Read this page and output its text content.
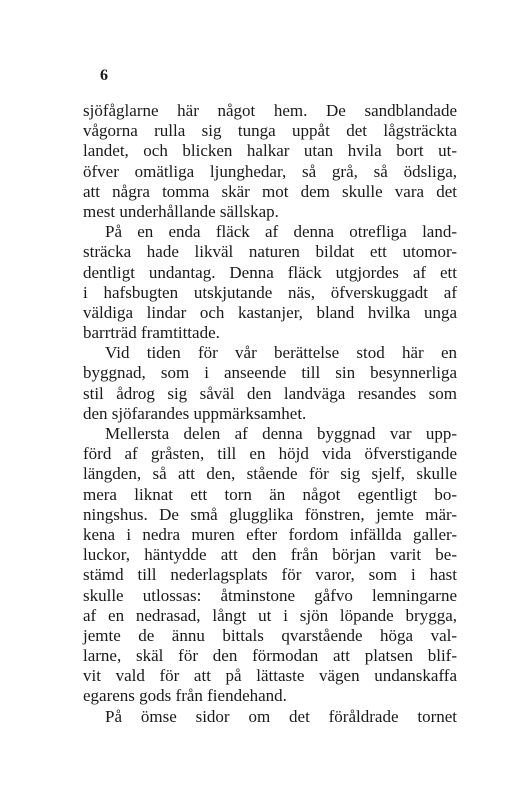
6
sjöfåglarne här något hem. De sandblandade
vågorna rulla sig tunga uppåt det lågsträckta
landet, och blicken halkar utan hvila bort ut-
öfver omätliga ljunghedar, så grå, så ödsliga,
att några tomma skär mot dem skulle vara det
mest underhållande sällskap.
På en enda fläck af denna otrefliga land-
sträcka hade likväl naturen bildat ett utomor-
dentligt undantag. Denna fläck utgjordes af ett
i hafsbugten utskjutande näs, öfverskuggadt af
väldiga lindar och kastanjer, bland hvilka unga
barrträd framtittade.
Vid tiden för vår berättelse stod här en
byggnad, som i anseende till sin besynnerliga
stil ådrog sig såväl den landväga resandes som
den sjöfarandes uppmärksamhet.
Mellersta delen af denna byggnad var upp-
förd af gråsten, till en höjd vida öfverstigande
längden, så att den, stående för sig sjelf, skulle
mera liknat ett torn än något egentligt bo-
ningshus. De små glugglika fönstren, jemte mär-
kena i nedra muren efter fordom infällda galler-
luckor, häntydde att den från början varit be-
stämd till nederlagsplats för varor, som i hast
skulle utlossas: åtminstone gåfvo lemningarne
af en nedrasad, långt ut i sjön löpande brygga,
jemte de ännu bittals qvarstående höga val-
larne, skäl för den förmodan att platsen blif-
vit vald för att på lättaste vägen undanskaffa
egarens gods från fiendehand.
På ömse sidor om det föråldrade tornet
